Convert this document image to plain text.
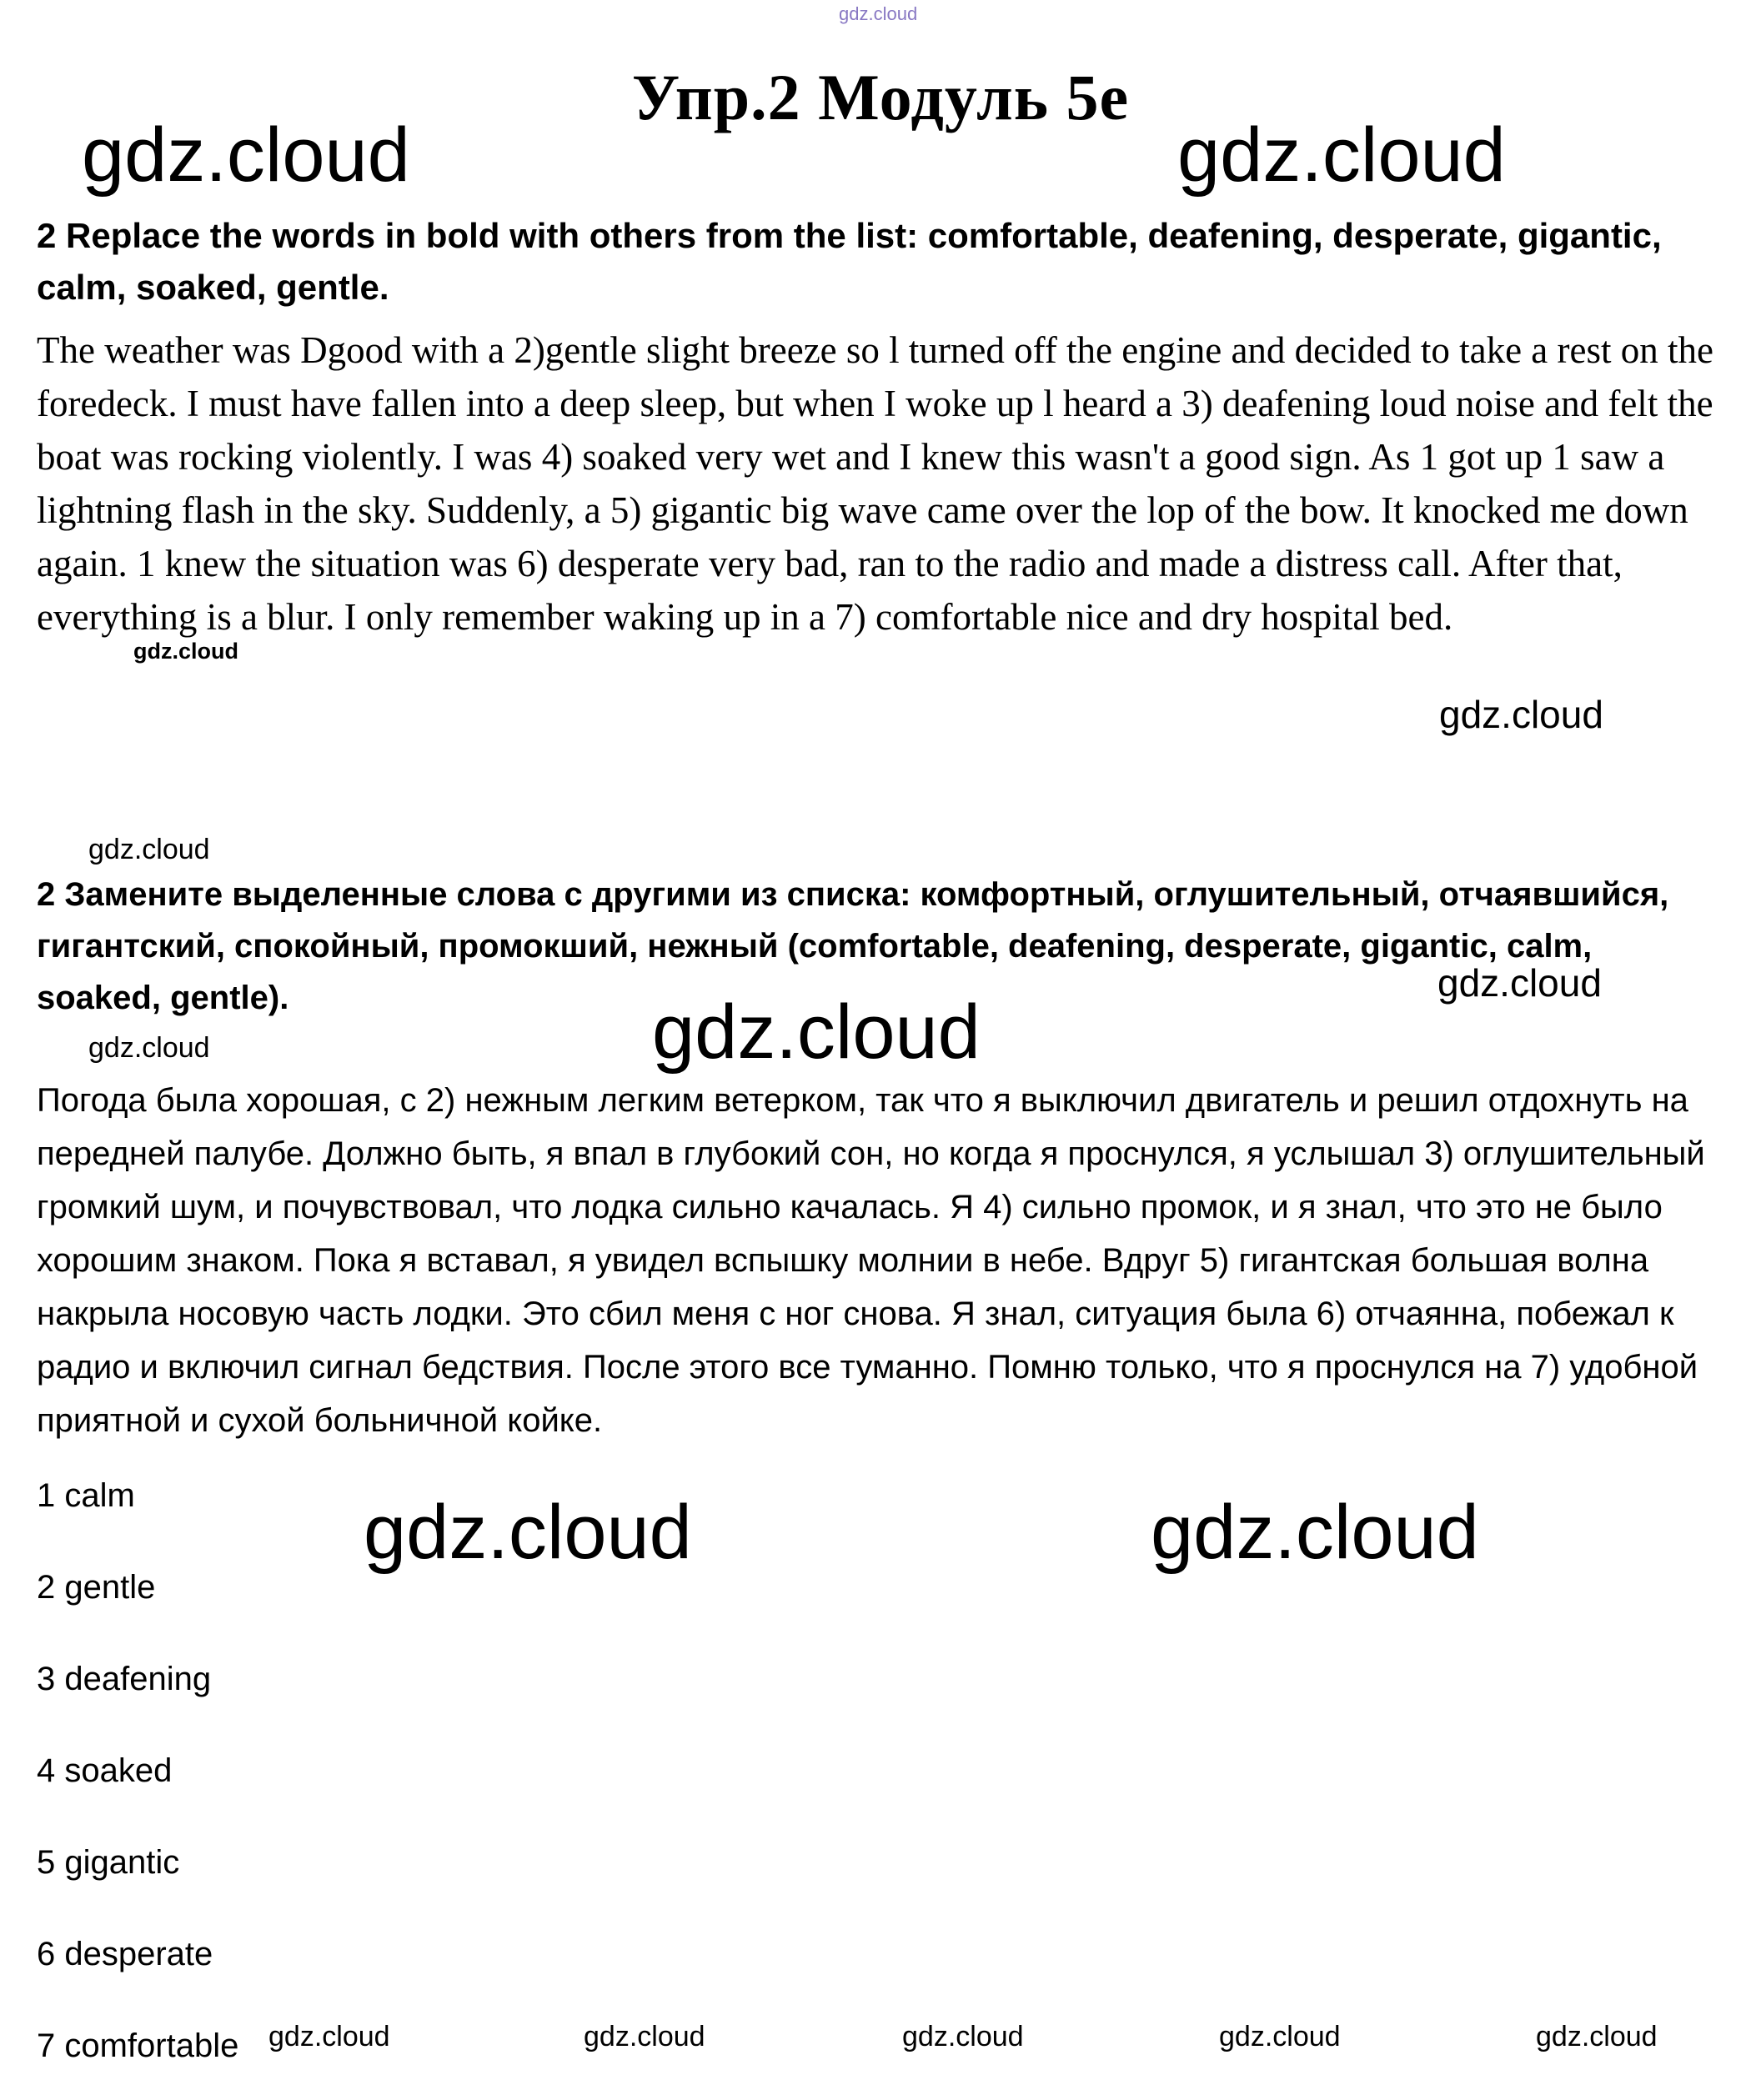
gdz.cloud
Упр.2 Модуль 5e
gdz.cloud	gdz.cloud

2 Replace the words in bold with others from the list: comfortable, deafening, desperate, gigantic, calm, soaked, gentle.

The weather was Dgood with a 2)gentle slight breeze so l turned off the engine and decided to take a rest on the foredeck. I must have fallen into a deep sleep, but when I woke up l heard a 3) deafening loud noise and felt the boat was rocking violently. I was 4) soaked very wet and I knew this wasn't a good sign. As 1 got up 1 saw a lightning flash in the sky. Suddenly, a 5) gigantic big wave came over the lop of the bow. It knocked me down again. 1 knew the situation was 6) desperate very bad, ran to the radio and made a distress call. After that, everything is a blur. I only remember waking up in a 7) comfortable nice and dry hospital bed.

gdz.cloud
gdz.cloud
gdz.cloud

2 Замените выделенные слова с другими из списка: комфортный, оглушительный, отчаявшийся, гигантский, спокойный, промокший, нежный (comfortable, deafening, desperate, gigantic, calm, soaked, gentle).	gdz.cloud
gdz.cloud
gdz.cloud

Погода была хорошая, с 2) нежным легким ветерком, так что я выключил двигатель и решил отдохнуть на передней палубе. Должно быть, я впал в глубокий сон, но когда я проснулся, я услышал 3) оглушительный громкий шум, и почувствовал, что лодка сильно качалась. Я 4) сильно промок, и я знал, что это не было хорошим знаком. Пока я вставал, я увидел вспышку молнии в небе. Вдруг 5) гигантская большая волна накрыла носовую часть лодки. Это сбил меня с ног снова. Я знал, ситуация была 6) отчаянна, побежал к радио и включил сигнал бедствия. После этого все туманно. Помню только, что я проснулся на 7) удобной приятной и сухой больничной койке.

1 calm
2 gentle
3 deafening
4 soaked
5 gigantic
6 desperate
7 comfortable
gdz.cloud	gdz.cloud
gdz.cloud	gdz.cloud	gdz.cloud	gdz.cloud	gdz.cloud
